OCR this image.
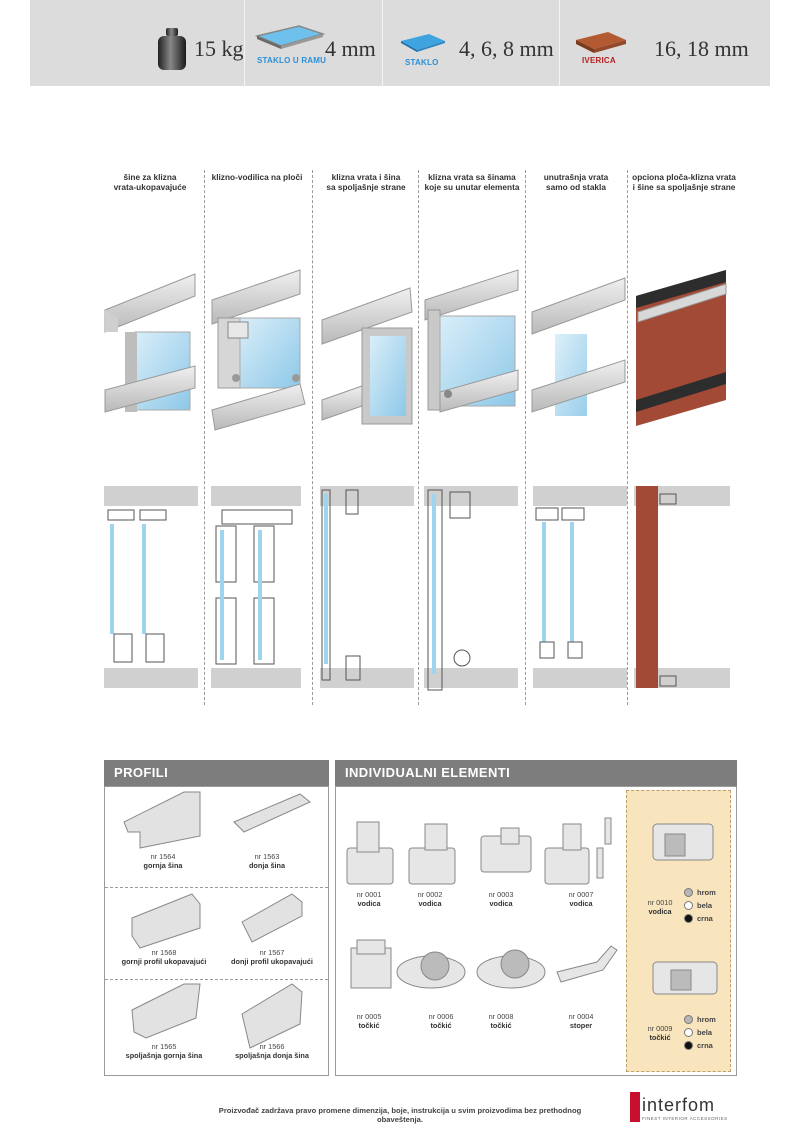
15 kg STAKLO U RAMU
4 mm
STAKLO
4, 6, 8 mm	IVERICA 16, 18 mm
šine za klizna
vrata-ukopavajuće
klizno-vodilica na ploči	klizna vrata i šina
sa spoljašnje strane
klizna vrata sa šinama
koje su unutar elementa
unutrašnja vrata
samo od stakla
opciona ploča-klizna vrata
i šine sa spoljašnje strane
PROFILI
nr 1564
gornja šina
nr 1563
donja šina
nr 1568
gornji profil ukopavajući
nr 1567
donji profil ukopavajući
nr 1565
spoljašnja gornja šina
nr 1566
spoljašnja donja šina
INDIVIDUALNI ELEMENTI
nr 0001
vodica
nr 0002
vodica
nr 0003
vodica
nr 0007
vodica
nr 0005
točkić
nr 0006
točkić
nr 0008
točkić
nr 0004
stoper
nr 0010
vodica
nr 0009
točkić
hrom
bela
crna
hrom
bela
crna
Proizvođač zadržava pravo promene dimenzija, boje, instrukcija u svim proizvodima bez prethodnog obaveštenja.
interfom
FINEST INTERIOR ACCESSORIES
